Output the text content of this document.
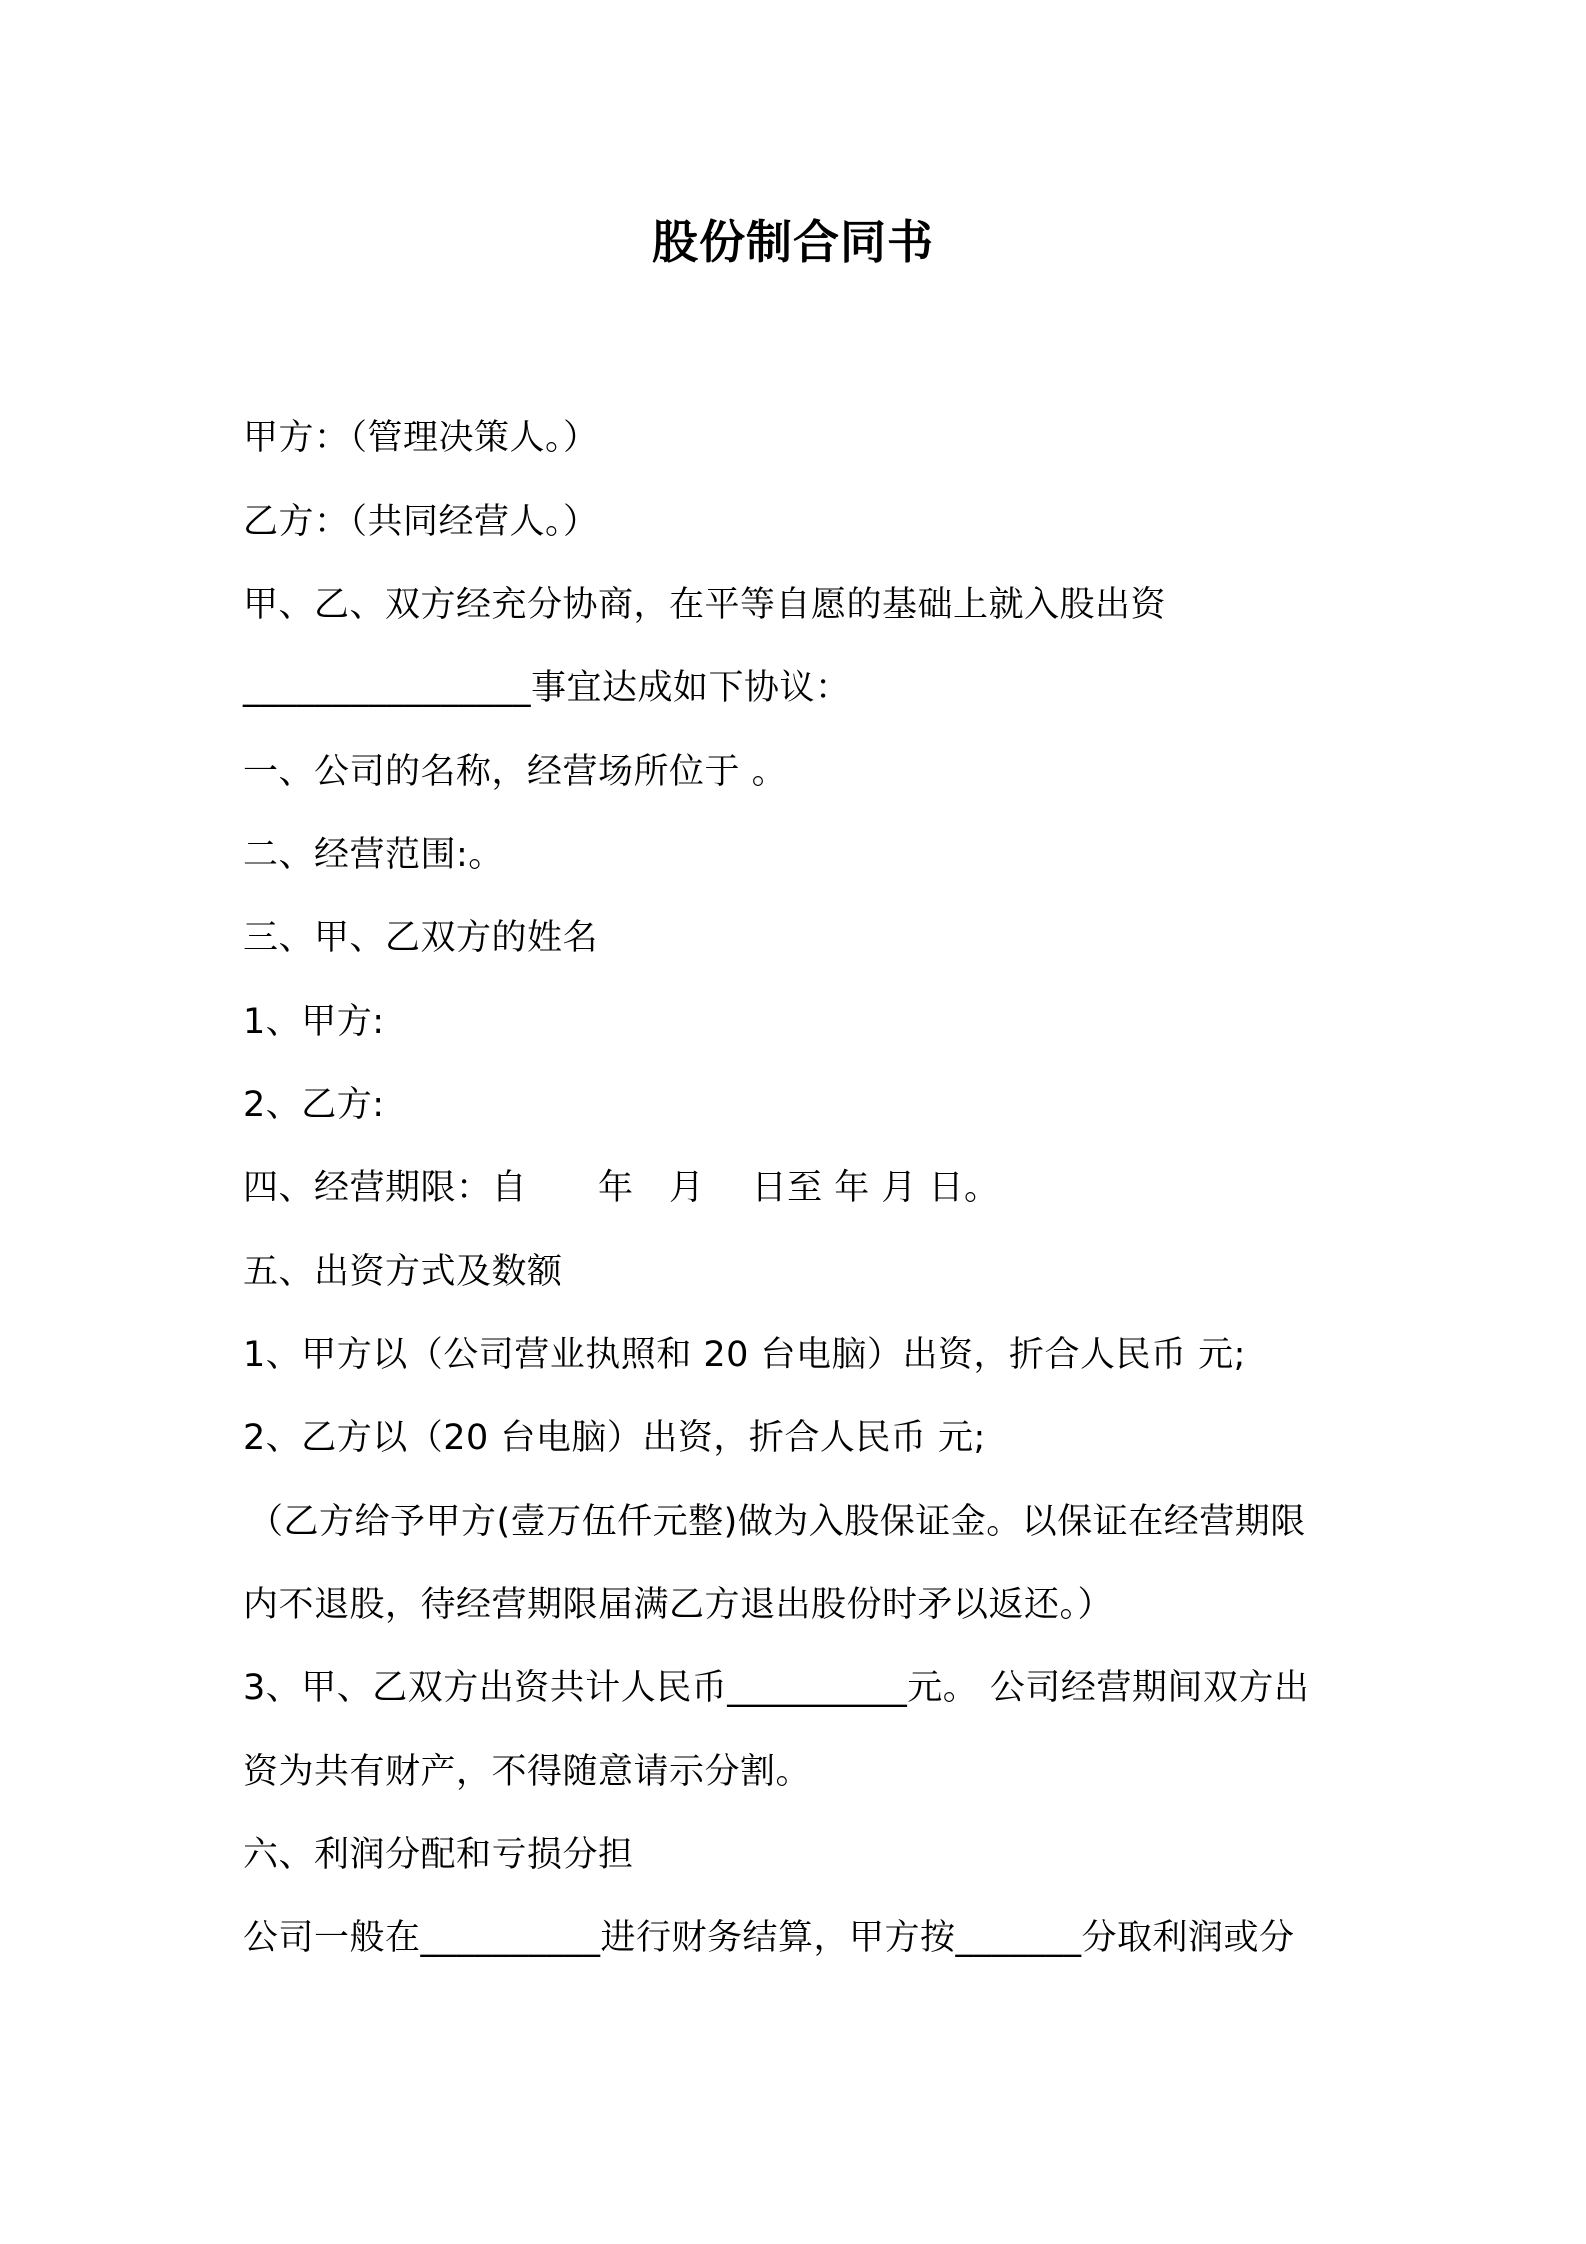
股份制合同书
甲方：（管理决策人。）
乙方：（共同经营人。）
甲、乙、双方经充分协商，在平等自愿的基础上就入股出资
________________事宜达成如下协议：
一、公司的名称，经营场所位于 。
二、经营范围:。
三、甲、乙双方的姓名
1、甲方:
2、乙方:
四、经营期限：自　　年　月　 日至 年 月 日。
五、出资方式及数额
1、甲方以（公司营业执照和 20 台电脑）出资，折合人民币 元;
2、乙方以（20 台电脑）出资，折合人民币 元;
（乙方给予甲方(壹万伍仟元整)做为入股保证金。以保证在经营期限
内不退股，待经营期限届满乙方退出股份时矛以返还。）
3、甲、乙双方出资共计人民币__________元。 公司经营期间双方出
资为共有财产，不得随意请示分割。
六、利润分配和亏损分担
公司一般在__________进行财务结算，甲方按_______分取利润或分
